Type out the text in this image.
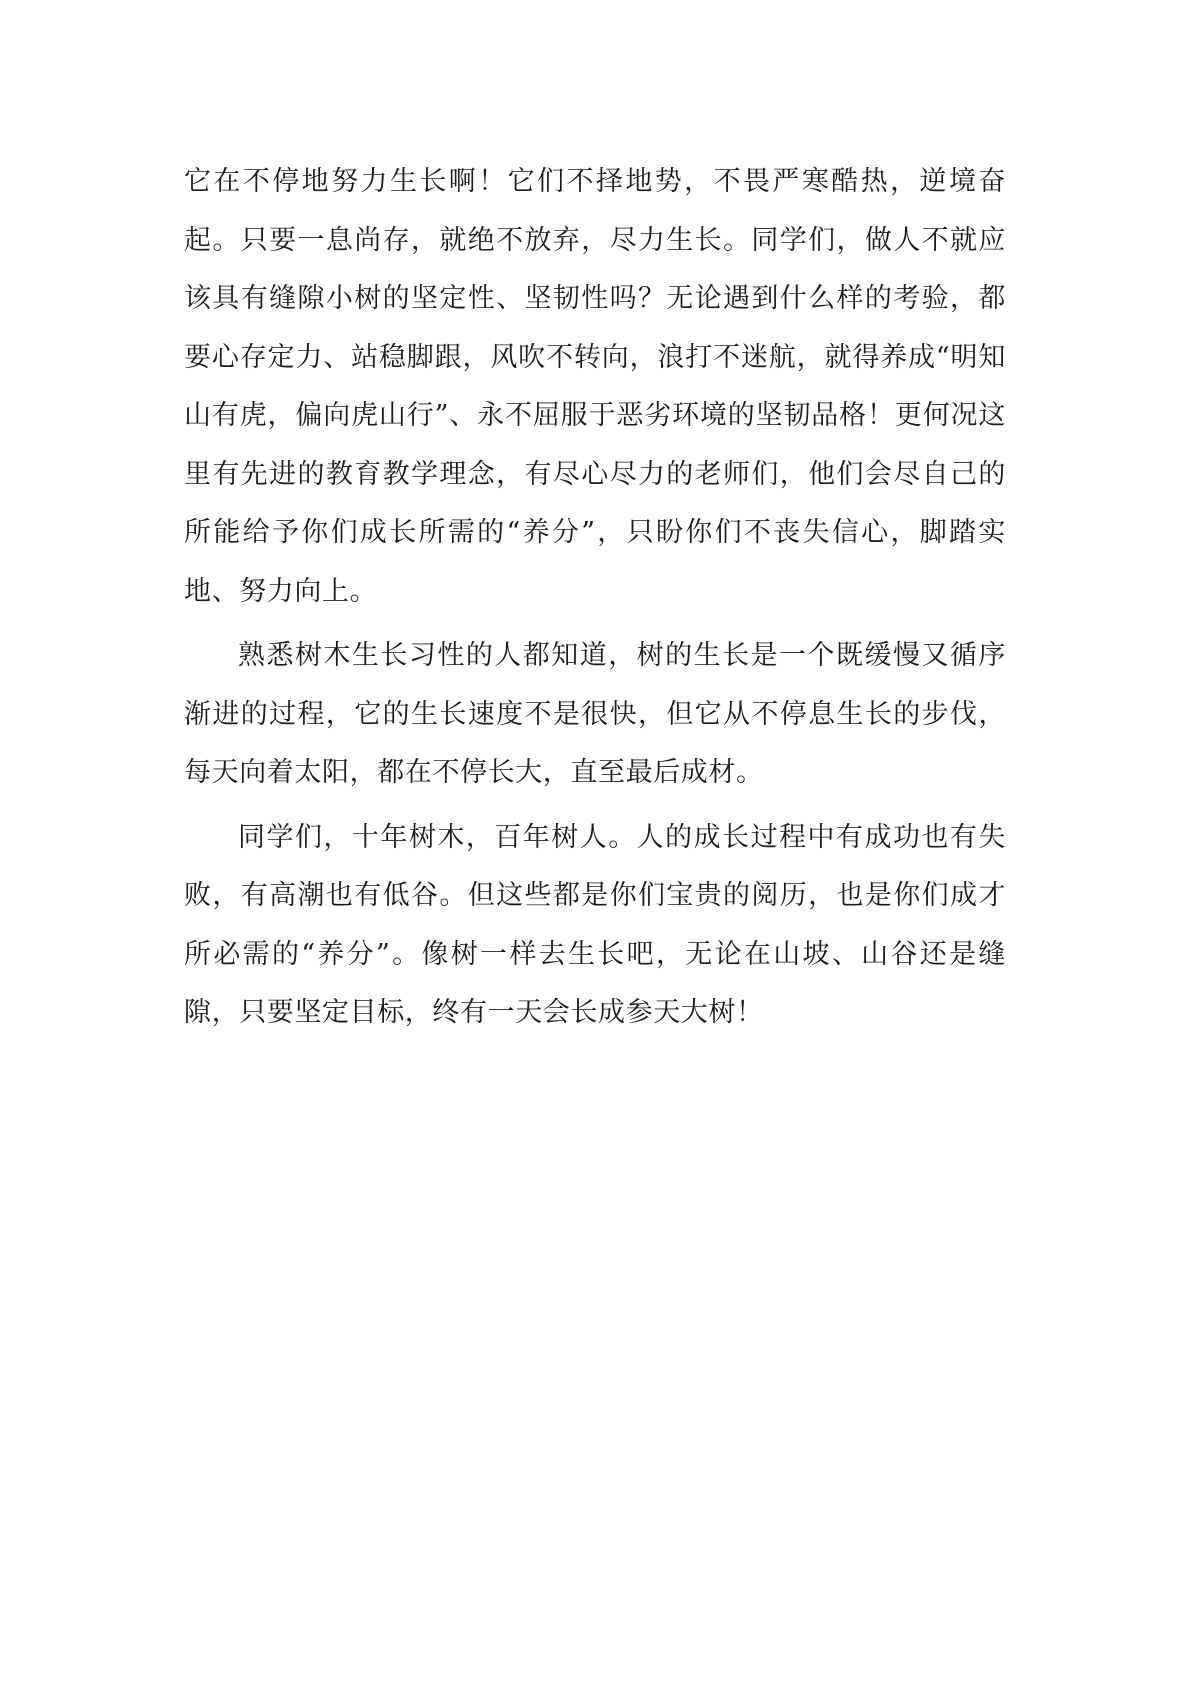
它在不停地努力生长啊！它们不择地势，不畏严寒酷热，逆境奋起。只要一息尚存，就绝不放弃，尽力生长。同学们，做人不就应该具有缝隙小树的坚定性、坚韧性吗？无论遇到什么样的考验，都要心存定力、站稳脚跟，风吹不转向，浪打不迷航，就得养成“明知山有虎，偏向虎山行”、永不屈服于恶劣环境的坚韧品格！更何况这里有先进的教育教学理念，有尽心尽力的老师们，他们会尽自己的所能给予你们成长所需的“养分”，只盼你们不丧失信心，脚踏实地、努力向上。

熟悉树木生长习性的人都知道，树的生长是一个既缓慢又循序渐进的过程，它的生长速度不是很快，但它从不停息生长的步伐，每天向着太阳，都在不停长大，直至最后成材。

同学们，十年树木，百年树人。人的成长过程中有成功也有失败，有高潮也有低谷。但这些都是你们宝贵的阅历，也是你们成才所必需的“养分”。像树一样去生长吧，无论在山坡、山谷还是缝隙，只要坚定目标，终有一天会长成参天大树！
